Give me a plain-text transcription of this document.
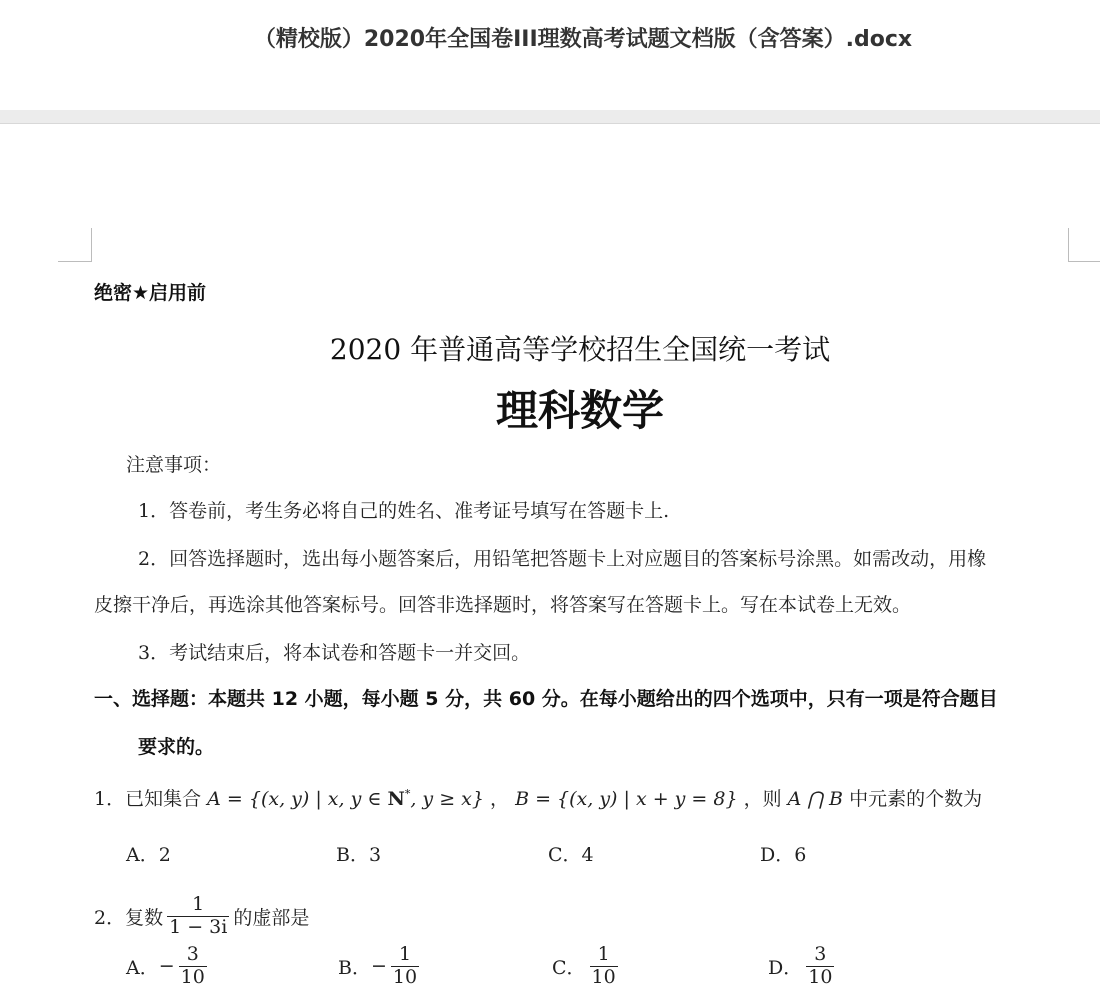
（精校版）2020年全国卷III理数高考试题文档版（含答案）.docx
绝密★启用前
2020 年普通高等学校招生全国统一考试
理科数学
注意事项：
1．答卷前，考生务必将自己的姓名、准考证号填写在答题卡上.
2．回答选择题时，选出每小题答案后，用铅笔把答题卡上对应题目的答案标号涂黑。如需改动，用橡
皮擦干净后，再选涂其他答案标号。回答非选择题时，将答案写在答题卡上。写在本试卷上无效。
3．考试结束后，将本试卷和答题卡一并交回。
一、选择题：本题共 12 小题，每小题 5 分，共 60 分。在每小题给出的四个选项中，只有一项是符合题目
要求的。
1．已知集合 A = {(x, y) | x, y ∈ N*, y ≥ x} ， B = {(x, y) | x + y = 8} ，则 A ⋂ B 中元素的个数为
A．2	B．3	C．4	D．6
2．复数 $\frac{1}{1 - 3i}$ 的虚部是
A． − $\frac{3}{10}$	B． − $\frac{1}{10}$	C． $\frac{1}{10}$	D． $\frac{3}{10}$
